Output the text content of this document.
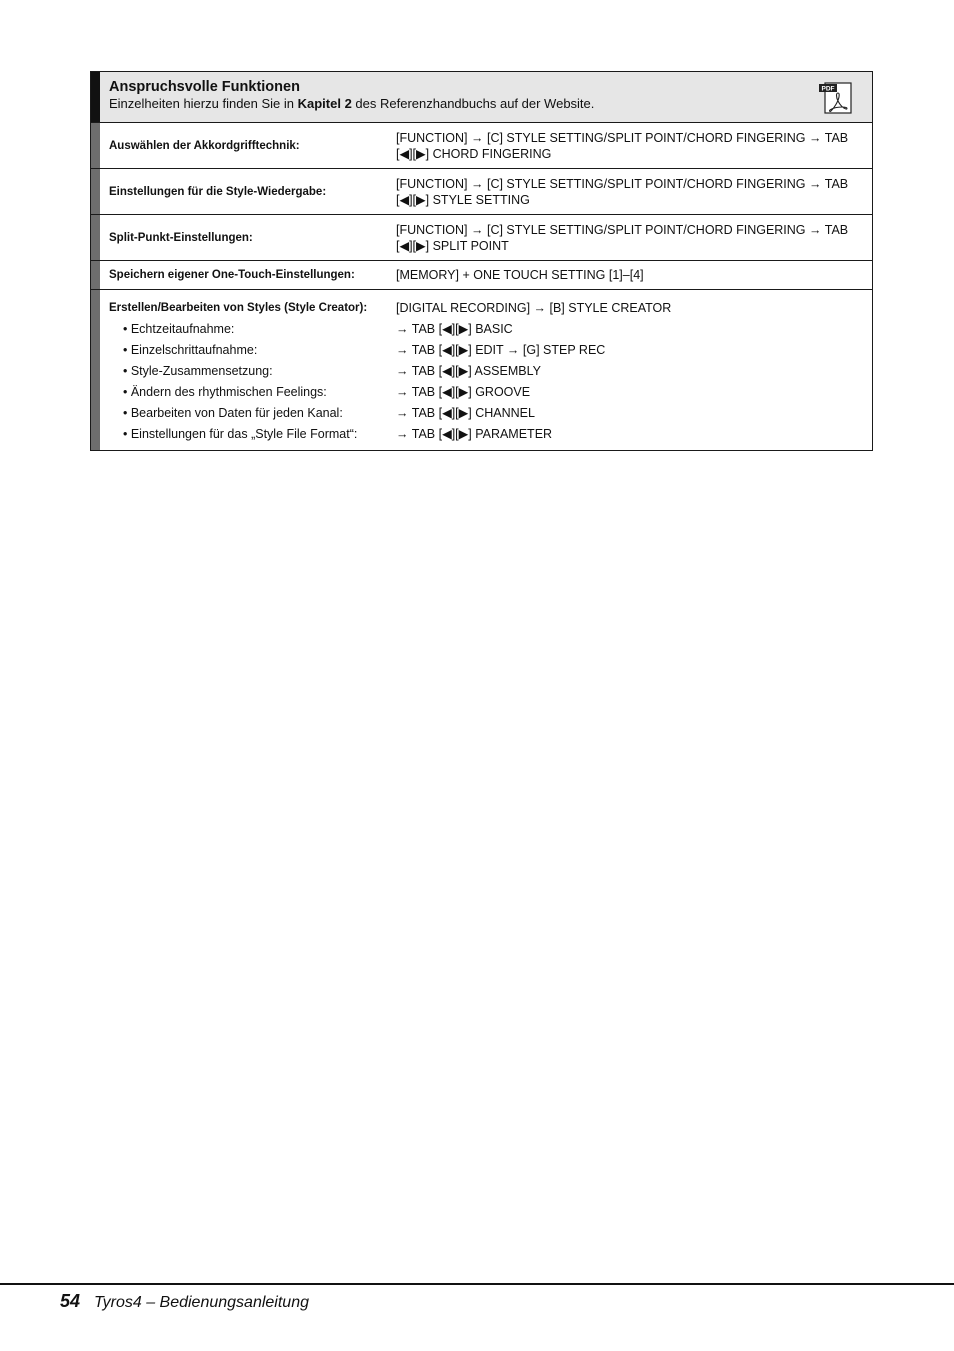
Anspruchsvolle Funktionen
Einzelheiten hierzu finden Sie in Kapitel 2 des Referenzhandbuchs auf der Website.
PDF
Auswählen der Akkordgrifftechnik:
[FUNCTION] → [C] STYLE SETTING/SPLIT POINT/CHORD FINGERING → TAB [◀][▶] CHORD FINGERING
Einstellungen für die Style-Wiedergabe:
[FUNCTION] → [C] STYLE SETTING/SPLIT POINT/CHORD FINGERING → TAB [◀][▶] STYLE SETTING
Split-Punkt-Einstellungen:
[FUNCTION] → [C] STYLE SETTING/SPLIT POINT/CHORD FINGERING → TAB [◀][▶] SPLIT POINT
Speichern eigener One-Touch-Einstellungen:	[MEMORY] + ONE TOUCH SETTING [1]–[4]
Erstellen/Bearbeiten von Styles (Style Creator):	[DIGITAL RECORDING] → [B] STYLE CREATOR
• Echtzeitaufnahme:	→ TAB [◀][▶] BASIC
• Einzelschrittaufnahme:	→ TAB [◀][▶] EDIT → [G] STEP REC
• Style-Zusammensetzung:	→ TAB [◀][▶] ASSEMBLY
• Ändern des rhythmischen Feelings:	→ TAB [◀][▶] GROOVE
• Bearbeiten von Daten für jeden Kanal:	→ TAB [◀][▶] CHANNEL
• Einstellungen für das „Style File Format“:	→ TAB [◀][▶] PARAMETER
54 Tyros4 – Bedienungsanleitung
